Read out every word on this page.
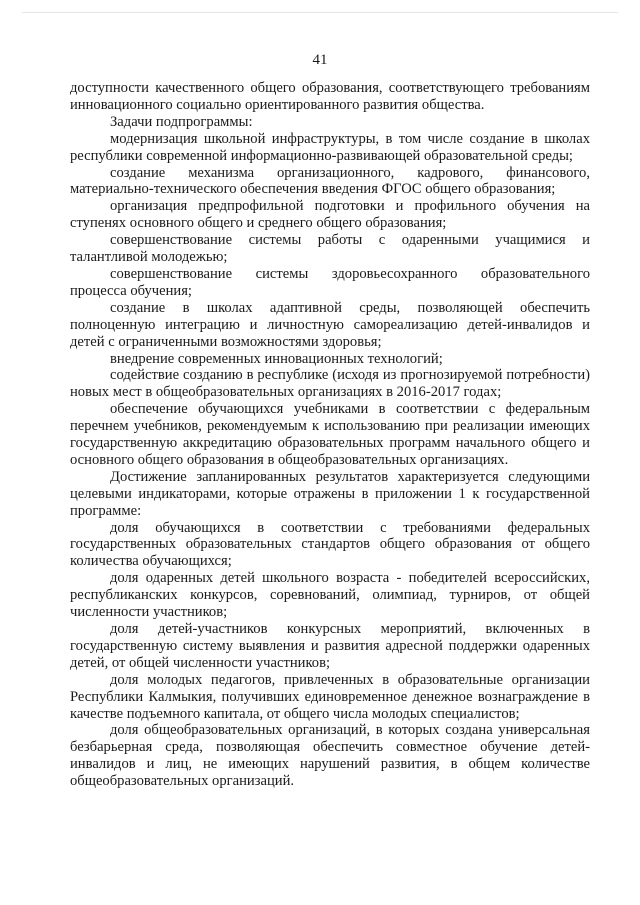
41

доступности качественного общего образования, соответствующего требованиям инновационного социально ориентированного развития общества.

Задачи подпрограммы:

модернизация школьной инфраструктуры, в том числе создание в школах республики современной информационно-развивающей образовательной среды;

создание механизма организационного, кадрового, финансового, материально-технического обеспечения введения ФГОС общего образования;

организация предпрофильной подготовки и профильного обучения на ступенях основного общего и среднего общего образования;

совершенствование системы работы с одаренными учащимися и талантливой молодежью;

совершенствование системы здоровьесохранного образовательного процесса обучения;

создание в школах адаптивной среды, позволяющей обеспечить полноценную интеграцию и личностную самореализацию детей-инвалидов и детей с ограниченными возможностями здоровья;

внедрение современных инновационных технологий;

содействие созданию в республике (исходя из прогнозируемой потребности) новых мест в общеобразовательных организациях в 2016-2017 годах;

обеспечение обучающихся учебниками в соответствии с федеральным перечнем учебников, рекомендуемым к использованию при реализации имеющих государственную аккредитацию образовательных программ начального общего и основного общего образования в общеобразовательных организациях.

Достижение запланированных результатов характеризуется следующими целевыми индикаторами, которые отражены в приложении 1 к государственной программе:

доля обучающихся в соответствии с требованиями федеральных государственных образовательных стандартов общего образования от общего количества обучающихся;

доля одаренных детей школьного возраста - победителей всероссийских, республиканских конкурсов, соревнований, олимпиад, турниров, от общей численности участников;

доля детей-участников конкурсных мероприятий, включенных в государственную систему выявления и развития адресной поддержки одаренных детей, от общей численности участников;

доля молодых педагогов, привлеченных в образовательные организации Республики Калмыкия, получивших единовременное денежное вознаграждение в качестве подъемного капитала, от общего числа молодых специалистов;

доля общеобразовательных организаций, в которых создана универсальная безбарьерная среда, позволяющая обеспечить совместное обучение детей-инвалидов и лиц, не имеющих нарушений развития, в общем количестве общеобразовательных организаций.
